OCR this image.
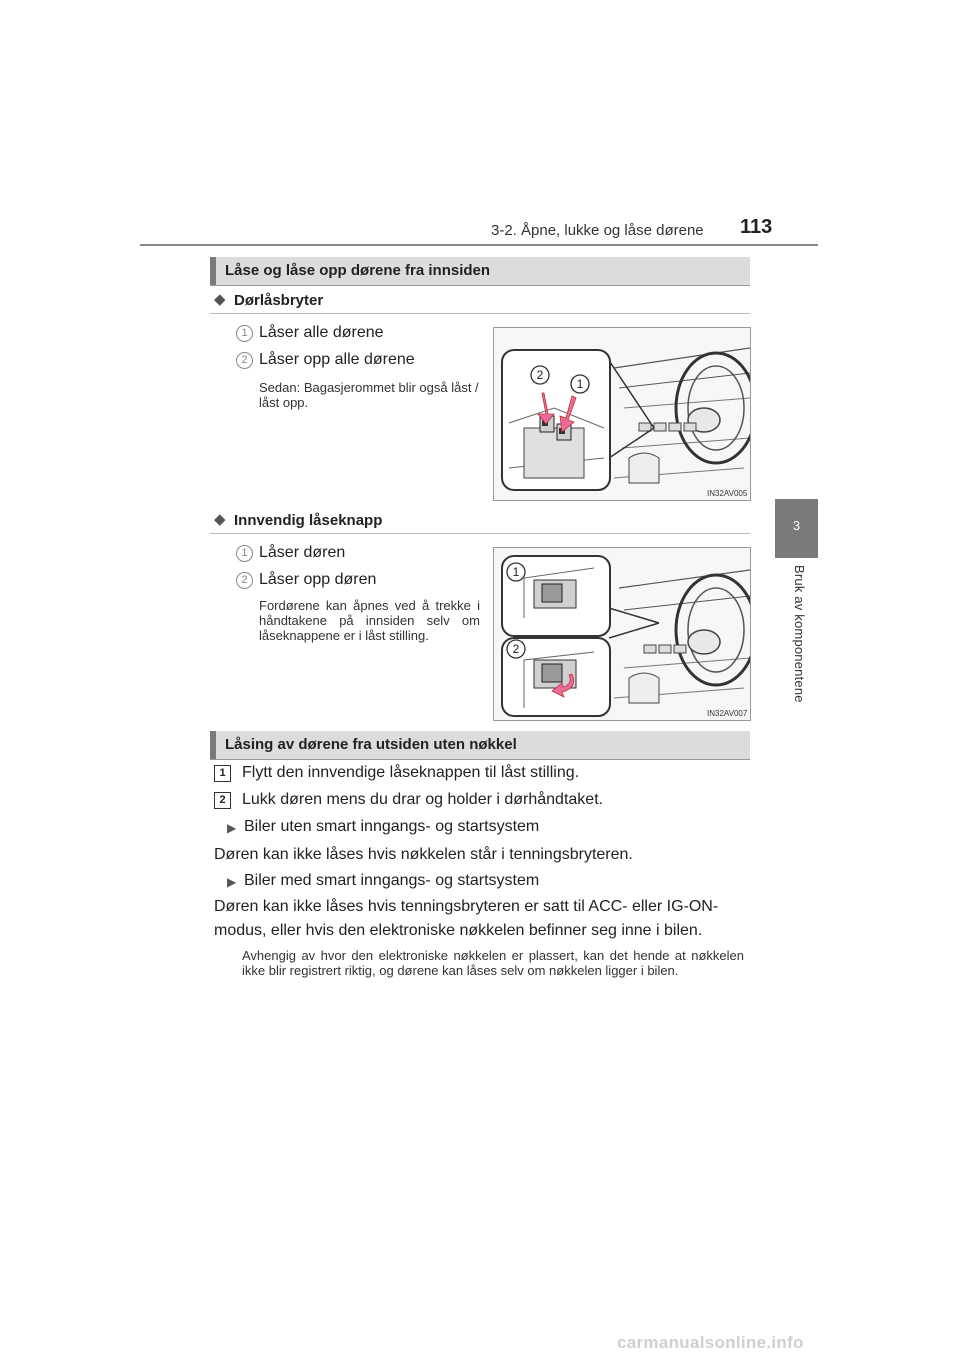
3-2. Åpne, lukke og låse dørene 113
3
Bruk av komponentene
Låse og låse opp dørene fra innsiden
◆ Dørlåsbryter
1 Låser alle dørene
2 Låser opp alle dørene
Sedan: Bagasjerommet blir også låst / låst opp.
2
1
IN32AV005
◆ Innvendig låseknapp
1 Låser døren
2 Låser opp døren
Fordørene kan åpnes ved å trekke i håndtakene på innsiden selv om låseknappene er i låst stilling.
1
2
IN32AV007
Låsing av dørene fra utsiden uten nøkkel
1	Flytt den innvendige låseknappen til låst stilling.
2	Lukk døren mens du drar og holder i dørhåndtaket.
▶ Biler uten smart inngangs- og startsystem
Døren kan ikke låses hvis nøkkelen står i tenningsbryteren.
▶ Biler med smart inngangs- og startsystem
Døren kan ikke låses hvis tenningsbryteren er satt til ACC- eller IG-ON-
modus, eller hvis den elektroniske nøkkelen befinner seg inne i bilen.
Avhengig av hvor den elektroniske nøkkelen er plassert, kan det hende at nøkkelen ikke blir registrert riktig, og dørene kan låses selv om nøkkelen ligger i bilen.
carmanualsonline.info
